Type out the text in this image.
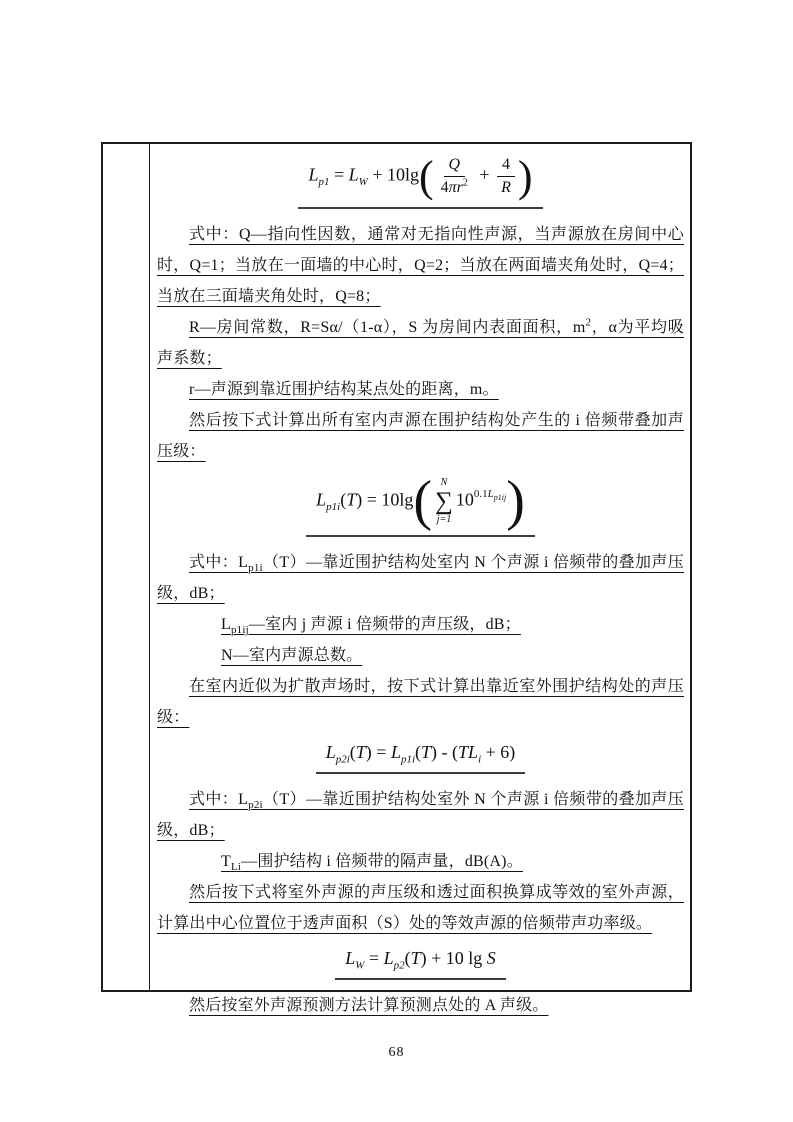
$L_{p1} = L_W + 10\lg( \frac{Q}{4\pi r^2} + \frac{4}{R}$ )
式中：Q—指向性因数，通常对无指向性声源，当声源放在房间中心时，Q=1；当放在一面墙的中心时，Q=2；当放在两面墙夹角处时，Q=4；当放在三面墙夹角处时，Q=8；
R—房间常数，R=Sα/（1-α），S 为房间内表面面积，$m^2$，α为平均吸声系数；
r—声源到靠近围护结构某点处的距离，m。
然后按下式计算出所有室内声源在围护结构处产生的 i 倍频带叠加声压级：
$L_{p1i}(T) = 10\lg$( N
∑
j=1
$10^{0.1L_{p1ij}}$)
式中：$L_{p1i}(T)—$靠近围护结构处室内 N 个声源 i 倍频带的叠加声压级，dB；
$L_{p1ij}—$室内 j 声源 i 倍频带的声压级，dB；
N—室内声源总数。
在室内近似为扩散声场时，按下式计算出靠近室外围护结构处的声压级：
$L_{p2i}(T) = L_{p1i}(T) - (TL_i + 6)$
式中：$L_{p2i}(T)—$靠近围护结构处室外 N 个声源 i 倍频带的叠加声压级，dB；
$T_{Li}—$围护结构 i 倍频带的隔声量，dB(A)。
然后按下式将室外声源的声压级和透过面积换算成等效的室外声源，计算出中心位置位于透声面积（S）处的等效声源的倍频带声功率级。
$L_W = L_{p2}(T) + 10$ lg S
然后按室外声源预测方法计算预测点处的 A 声级。
68
